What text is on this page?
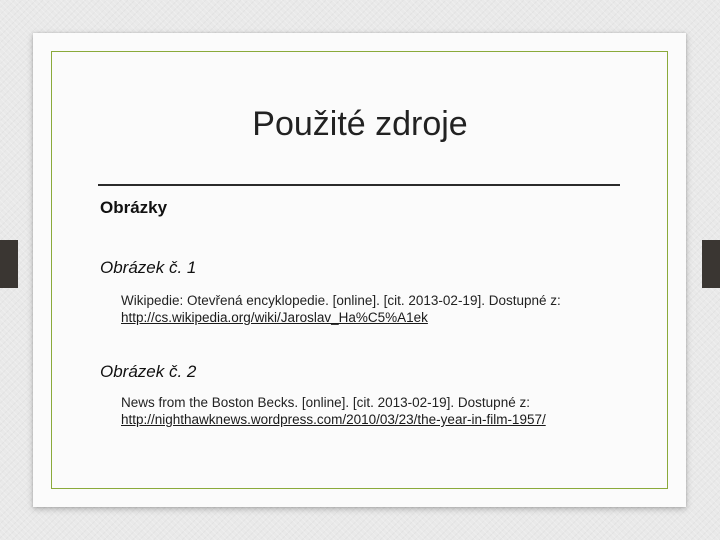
Použité zdroje
Obrázky
Obrázek č. 1
Wikipedie: Otevřená encyklopedie. [online]. [cit. 2013-02-19]. Dostupné z: http://cs.wikipedia.org/wiki/Jaroslav_Ha%C5%A1ek
Obrázek č. 2
News from the Boston Becks. [online]. [cit. 2013-02-19]. Dostupné z: http://nighthawknews.wordpress.com/2010/03/23/the-year-in-film-1957/
